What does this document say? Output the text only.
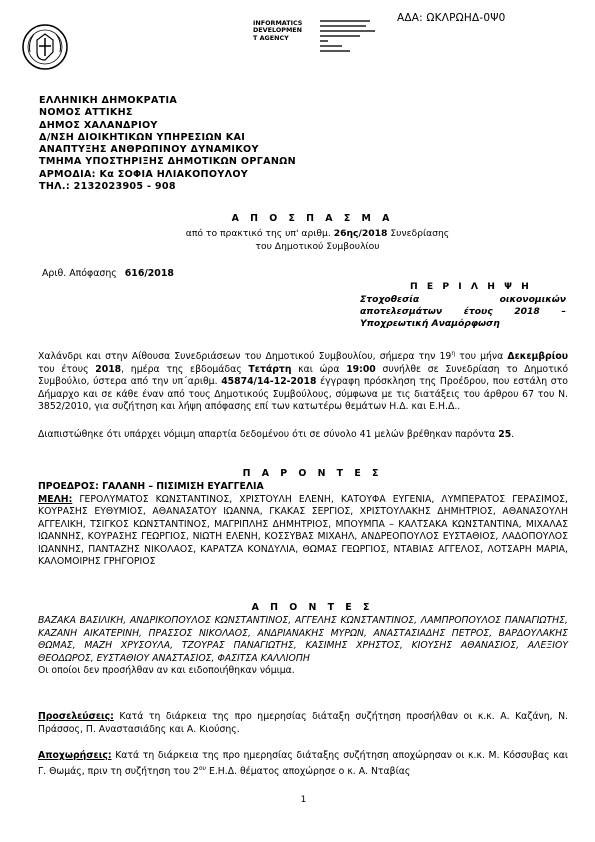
ΑΔΑ: ΩΚΛΡΩΗΔ-0Ψ0
INFORMATICS
DEVELOPMEN
T AGENCY
ΕΛΛΗΝΙΚΗ ΔΗΜΟΚΡΑΤΙΑ
ΝΟΜΟΣ ΑΤΤΙΚΗΣ
ΔΗΜΟΣ ΧΑΛΑΝΔΡΙΟΥ
Δ/ΝΣΗ ΔΙΟΙΚΗΤΙΚΩΝ ΥΠΗΡΕΣΙΩΝ ΚΑΙ
ΑΝΑΠΤΥΞΗΣ ΑΝΘΡΩΠΙΝΟΥ ΔΥΝΑΜΙΚΟΥ
ΤΜΗΜΑ ΥΠΟΣΤΗΡΙΞΗΣ ΔΗΜΟΤΙΚΩΝ ΟΡΓΑΝΩΝ
ΑΡΜΟΔΙΑ: Κα ΣΟΦΙΑ ΗΛΙΑΚΟΠΟΥΛΟΥ
ΤΗΛ.: 2132023905 - 908
Α Π Ο Σ Π Α Σ Μ Α
από το πρακτικό της υπ' αριθμ. 26ης/2018 Συνεδρίασης
του Δημοτικού Συμβουλίου
Αριθ. Απόφασης 616/2018
Π Ε Ρ Ι Λ Η Ψ Η
Στοχοθεσία οικονομικών
αποτελεσμάτων έτους 2018 –
Υποχρεωτική Αναμόρφωση
Χαλάνδρι και στην Αίθουσα Συνεδριάσεων του Δημοτικού Συμβουλίου, σήμερα την $19^\eta$ του μήνα Δεκεμβρίου του έτους 2018, ημέρα της εβδομάδας Τετάρτη και ώρα 19:00 συνήλθε σε Συνεδρίαση το Δημοτικό Συμβούλιο, ύστερα από την υπ΄αριθμ. 45874/14-12-2018 έγγραφη πρόσκληση της Προέδρου, που εστάλη στο Δήμαρχο και σε κάθε έναν από τους Δημοτικούς Συμβούλους, σύμφωνα με τις διατάξεις του άρθρου 67 του Ν. 3852/2010, για συζήτηση και λήψη απόφασης επί των κατωτέρω θεμάτων Η.Δ. και Ε.Η.Δ..
Διαπιστώθηκε ότι υπάρχει νόμιμη απαρτία δεδομένου ότι σε σύνολο 41 μελών βρέθηκαν παρόντα 25.
Π Α Ρ Ο Ν Τ Ε Σ
ΠΡΟΕΔΡΟΣ: ΓΑΛΑΝΗ – ΠΙΣΙΜΙΣΗ ΕΥΑΓΓΕΛΙΑ
ΜΕΛΗ: ΓΕΡΟΛΥΜΑΤΟΣ ΚΩΝΣΤΑΝΤΙΝΟΣ, ΧΡΙΣΤΟΥΛΗ ΕΛΕΝΗ, ΚΑΤΟΥΦΑ ΕΥΓΕΝΙΑ, ΛΥΜΠΕΡΑΤΟΣ ΓΕΡΑΣΙΜΟΣ, ΚΟΥΡΑΣΗΣ ΕΥΘΥΜΙΟΣ, ΑΘΑΝΑΣΑΤΟΥ ΙΩΑΝΝΑ, ΓΚΑΚΑΣ ΣΕΡΓΙΟΣ, ΧΡΙΣΤΟΥΛΑΚΗΣ ΔΗΜΗΤΡΙΟΣ, ΑΘΑΝΑΣΟΥΛΗ ΑΓΓΕΛΙΚΗ, ΤΣΙΓΚΟΣ ΚΩΝΣΤΑΝΤΙΝΟΣ, ΜΑΓΡΙΠΛΗΣ ΔΗΜΗΤΡΙΟΣ, ΜΠΟΥΜΠΑ – ΚΑΛΤΣΑΚΑ ΚΩΝΣΤΑΝΤΙΝΑ, ΜΙΧΑΛΑΣ ΙΩΑΝΝΗΣ, ΚΟΥΡΑΣΗΣ ΓΕΩΡΓΙΟΣ, ΝΙΩΤΗ ΕΛΕΝΗ, ΚΟΣΣΥΒΑΣ ΜΙΧΑΗΛ, ΑΝΔΡΕΟΠΟΥΛΟΣ ΕΥΣΤΑΘΙΟΣ, ΛΑΔΟΠΟΥΛΟΣ ΙΩΑΝΝΗΣ, ΠΑΝΤΑΖΗΣ ΝΙΚΟΛΑΟΣ, ΚΑΡΑΤΖΑ ΚΟΝΔΥΛΙΑ, ΘΩΜΑΣ ΓΕΩΡΓΙΟΣ, ΝΤΑΒΙΑΣ ΑΓΓΕΛΟΣ, ΛΟΤΣΑΡΗ ΜΑΡΙΑ, ΚΑΛΟΜΟΙΡΗΣ ΓΡΗΓΟΡΙΟΣ
Α Π Ο Ν Τ Ε Σ
ΒΑΖΑΚΑ ΒΑΣΙΛΙΚΗ, ΑΝΔΡΙΚΟΠΟΥΛΟΣ ΚΩΝΣΤΑΝΤΙΝΟΣ, ΑΓΓΕΛΗΣ ΚΩΝΣΤΑΝΤΙΝΟΣ, ΛΑΜΠΡΟΠΟΥΛΟΣ ΠΑΝΑΓΙΩΤΗΣ, ΚΑΖΑΝΗ ΑΙΚΑΤΕΡΙΝΗ, ΠΡΑΣΣΟΣ ΝΙΚΟΛΑΟΣ, ΑΝΔΡΙΑΝΑΚΗΣ ΜΥΡΩΝ, ΑΝΑΣΤΑΣΙΑΔΗΣ ΠΕΤΡΟΣ, ΒΑΡΔΟΥΛΑΚΗΣ ΘΩΜΑΣ, ΜΑΖΗ ΧΡΥΣΟΥΛΑ, ΤΖΟΥΡΑΣ ΠΑΝΑΓΙΩΤΗΣ, ΚΑΣΙΜΗΣ ΧΡΗΣΤΟΣ, ΚΙΟΥΣΗΣ ΑΘΑΝΑΣΙΟΣ, ΑΛΕΞΙΟΥ ΘΕΟΔΩΡΟΣ, ΕΥΣΤΑΘΙΟΥ ΑΝΑΣΤΑΣΙΟΣ, ΦΑΣΙΤΣΑ ΚΑΛΛΙΟΠΗ
Οι οποίοι δεν προσήλθαν αν και ειδοποιήθηκαν νόμιμα.
Προσελεύσεις: Κατά τη διάρκεια της προ ημερησίας διάταξη συζήτηση προσήλθαν οι κ.κ. Α. Καζάνη, Ν. Πράσσος, Π. Αναστασιάδης και Α. Κιούσης.
Αποχωρήσεις: Κατά τη διάρκεια της προ ημερησίας διάταξης συζήτηση αποχώρησαν οι κ.κ. Μ. Κόσσυβας και Γ. Θωμάς, πριν τη συζήτηση του $2^{o\upsilon}$ Ε.Η.Δ. θέματος αποχώρησε ο κ. Α. Νταβίας
1
